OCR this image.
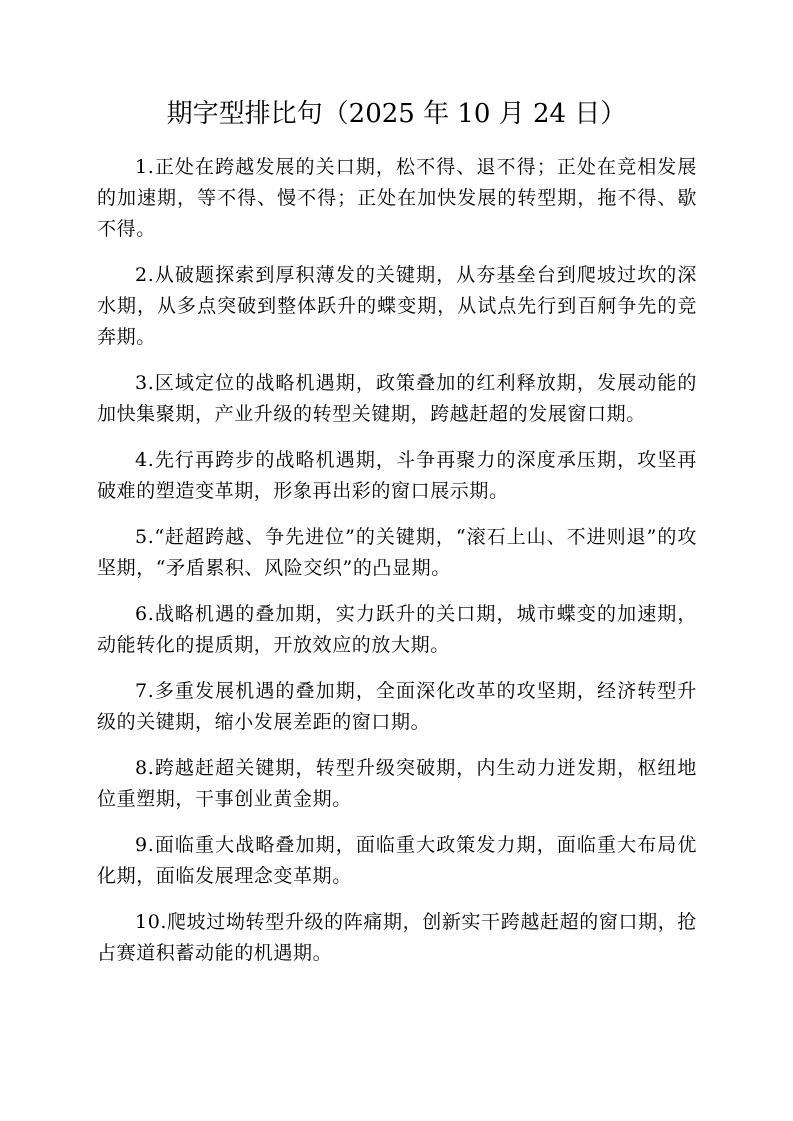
期字型排比句（2025 年 10 月 24 日）

1.正处在跨越发展的关口期，松不得、退不得；正处在竞相发展的加速期，等不得、慢不得；正处在加快发展的转型期，拖不得、歇不得。

2.从破题探索到厚积薄发的关键期，从夯基垒台到爬坡过坎的深水期，从多点突破到整体跃升的蝶变期，从试点先行到百舸争先的竞奔期。

3.区域定位的战略机遇期，政策叠加的红利释放期，发展动能的加快集聚期，产业升级的转型关键期，跨越赶超的发展窗口期。

4.先行再跨步的战略机遇期，斗争再聚力的深度承压期，攻坚再破难的塑造变革期，形象再出彩的窗口展示期。

5.“赶超跨越、争先进位”的关键期，“滚石上山、不进则退”的攻坚期，“矛盾累积、风险交织”的凸显期。

6.战略机遇的叠加期，实力跃升的关口期，城市蝶变的加速期，动能转化的提质期，开放效应的放大期。

7.多重发展机遇的叠加期，全面深化改革的攻坚期，经济转型升级的关键期，缩小发展差距的窗口期。

8.跨越赶超关键期，转型升级突破期，内生动力迸发期，枢纽地位重塑期，干事创业黄金期。

9.面临重大战略叠加期，面临重大政策发力期，面临重大布局优化期，面临发展理念变革期。

10.爬坡过坳转型升级的阵痛期，创新实干跨越赶超的窗口期，抢占赛道积蓄动能的机遇期。
